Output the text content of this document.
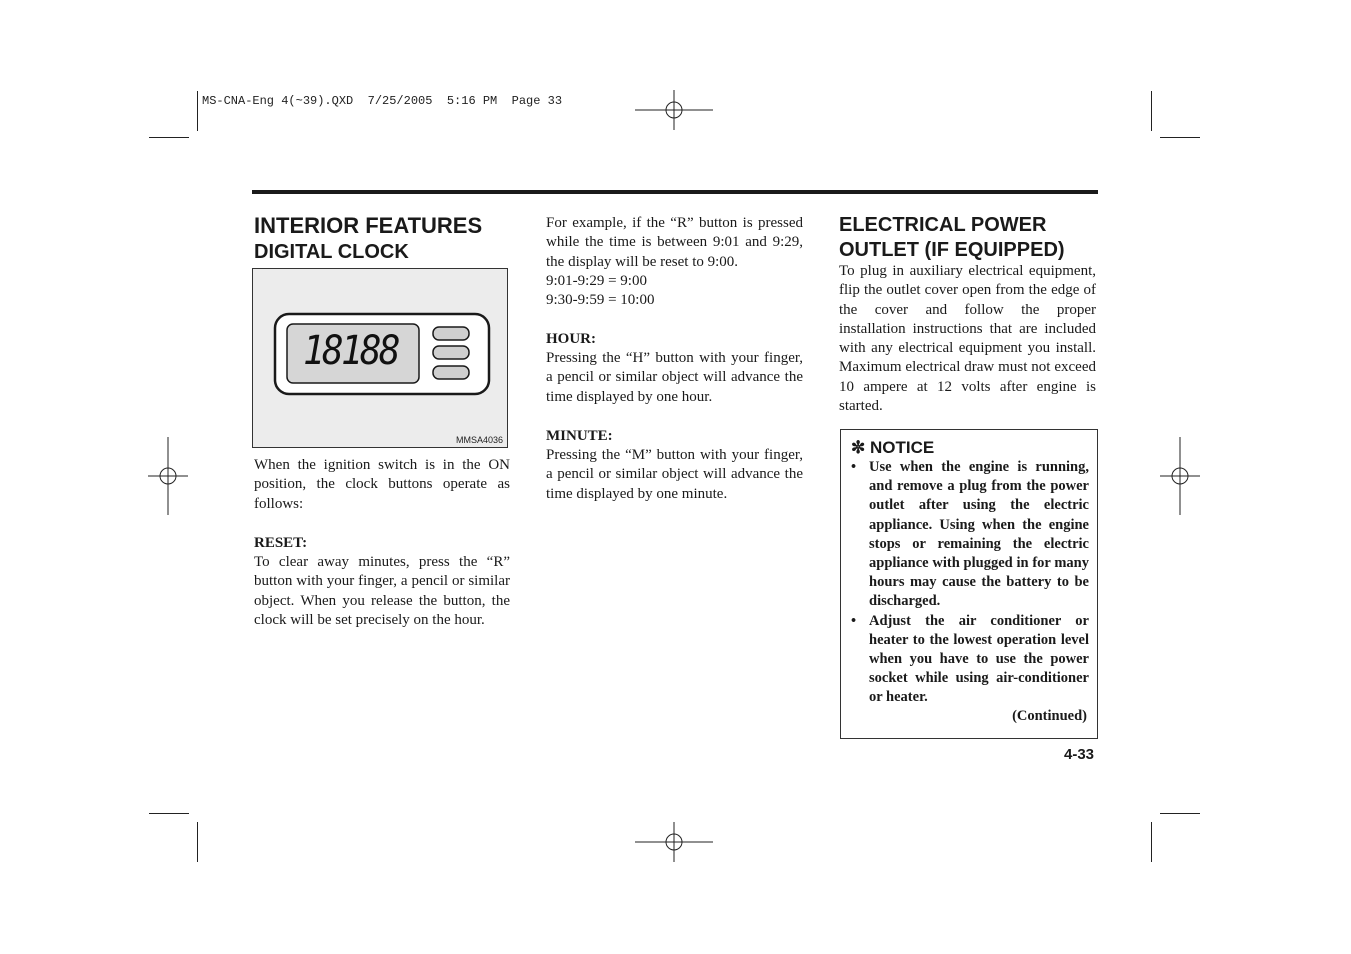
MS-CNA-Eng 4(~39).QXD  7/25/2005  5:16 PM  Page 33
INTERIOR FEATURES
DIGITAL CLOCK
18188
MMSA4036

When the ignition switch is in the ON position, the clock buttons operate as follows:

RESET:

To clear away minutes, press the “R” button with your finger, a pencil or similar object. When you release the button, the clock will be set precisely on the hour.

For example, if the “R” button is pressed while the time is between 9:01 and 9:29, the display will be reset to 9:00.

9:01-9:29 = 9:00

9:30-9:59 = 10:00

HOUR:

Pressing the “H” button with your finger, a pencil or similar object will advance the time displayed by one hour.

MINUTE:

Pressing the “M” button with your finger, a pencil or similar object will advance the time displayed by one minute.

ELECTRICAL POWER
OUTLET (IF EQUIPPED)

To plug in auxiliary electrical equipment, flip the outlet cover open from the edge of the cover and follow the proper installation instructions that are included with any electrical equipment you install. Maximum electrical draw must not exceed 10 ampere at 12 volts after engine is started.

✼ NOTICE
• Use when the engine is running, and remove a plug from the power outlet after using the electric appliance. Using when the engine stops or remaining the electric appliance with plugged in for many hours may cause the battery to be discharged.
• Adjust the air conditioner or heater to the lowest operation level when you have to use the power socket while using air-conditioner or heater.
(Continued)
4-33
